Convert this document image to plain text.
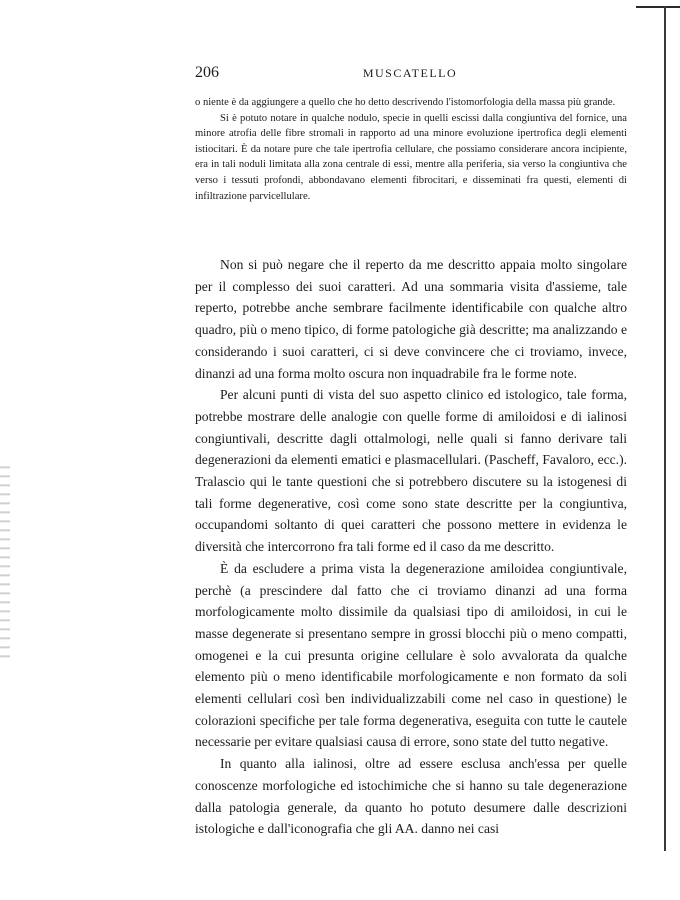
206	MUSCATELLO

o niente è da aggiungere a quello che ho detto descrivendo l'istomorfologia della massa più grande.

Si è potuto notare in qualche nodulo, specie in quelli escissi dalla congiuntiva del fornice, una minore atrofia delle fibre stromali in rapporto ad una minore evoluzione ipertrofica degli elementi istiocitari. È da notare pure che tale ipertrofia cellulare, che possiamo considerare ancora incipiente, era in tali noduli limitata alla zona centrale di essi, mentre alla periferia, sia verso la congiuntiva che verso i tessuti profondi, abbondavano elementi fibrocitari, e disseminati fra questi, elementi di infiltrazione parvicellulare.

Non si può negare che il reperto da me descritto appaia molto singolare per il complesso dei suoi caratteri. Ad una sommaria visita d'assieme, tale reperto, potrebbe anche sembrare facilmente identificabile con qualche altro quadro, più o meno tipico, di forme patologiche già descritte; ma analizzando e considerando i suoi caratteri, ci si deve convincere che ci troviamo, invece, dinanzi ad una forma molto oscura non inquadrabile fra le forme note.

Per alcuni punti di vista del suo aspetto clinico ed istologico, tale forma, potrebbe mostrare delle analogie con quelle forme di amiloidosi e di ialinosi congiuntivali, descritte dagli ottalmologi, nelle quali si fanno derivare tali degenerazioni da elementi ematici e plasmacellulari. (Pascheff, Favaloro, ecc.). Tralascio qui le tante questioni che si potrebbero discutere su la istogenesi di tali forme degenerative, così come sono state descritte per la congiuntiva, occupandomi soltanto di quei caratteri che possono mettere in evidenza le diversità che intercorrono fra tali forme ed il caso da me descritto.

È da escludere a prima vista la degenerazione amiloidea congiuntivale, perchè (a prescindere dal fatto che ci troviamo dinanzi ad una forma morfologicamente molto dissimile da qualsiasi tipo di amiloidosi, in cui le masse degenerate si presentano sempre in grossi blocchi più o meno compatti, omogenei e la cui presunta origine cellulare è solo avvalorata da qualche elemento più o meno identificabile morfologicamente e non formato da soli elementi cellulari così ben individualizzabili come nel caso in questione) le colorazioni specifiche per tale forma degenerativa, eseguita con tutte le cautele necessarie per evitare qualsiasi causa di errore, sono state del tutto negative.

In quanto alla ialinosi, oltre ad essere esclusa anch'essa per quelle conoscenze morfologiche ed istochimiche che si hanno su tale degenerazione dalla patologia generale, da quanto ho potuto desumere dalle descrizioni istologiche e dall'iconografia che gli AA. danno nei casi
